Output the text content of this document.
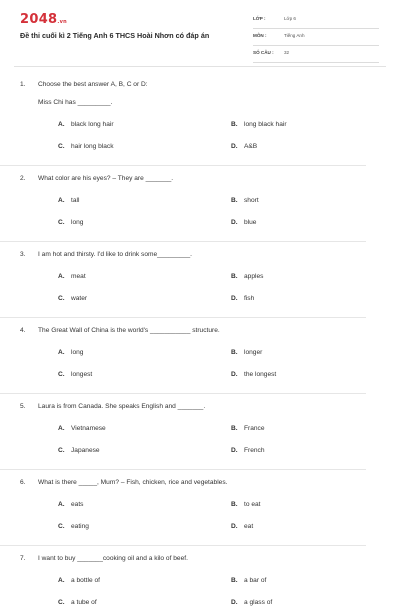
2048.vn
Đề thi cuối kì 2 Tiếng Anh 6 THCS Hoài Nhơn có đáp án
LỚP :	Lớp 6
MÔN :	Tiếng Anh
SỐ CÂU : 32
1.	Choose the best answer A, B, C or D:
Miss Chi has _________.
A. black long hair	B. long black hair
C. hair long black	D. A&B
2.	What color are his eyes? – They are _______.
A. tall	B. short
C. long	D. blue
3.	I am hot and thirsty. I'd like to drink some_________.
A. meat	B. apples
C. water	D. fish
4.	The Great Wall of China is the world's ___________ structure.
A. long	B. longer
C. longest	D. the longest
5.	Laura is from Canada. She speaks English and _______.
A. Vietnamese	B. France
C. Japanese	D. French
6.	What is there _____, Mum? – Fish, chicken, rice and vegetables.
A. eats	B. to eat
C. eating	D. eat
7.	I want to buy _______cooking oil and a kilo of beef.
A. a bottle of	B. a bar of
C. a tube of	D. a glass of
